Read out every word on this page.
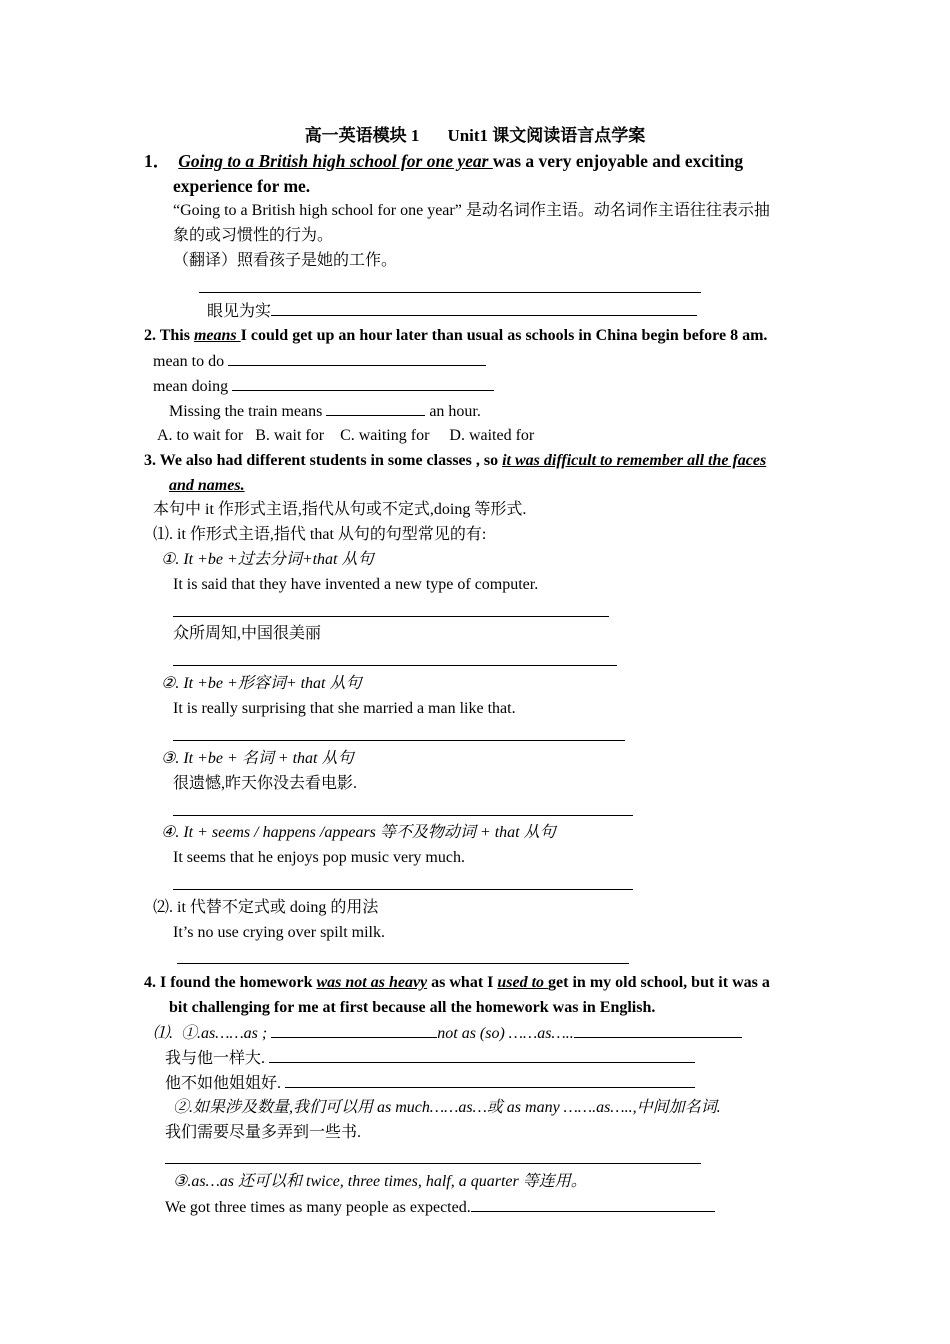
高一英语模块 1 Unit1 课文阅读语言点学案
1． Going to a British high school for one year was a very enjoyable and exciting
experience for me.
“Going to a British high school for one year” 是动名词作主语。动名词作主语往往表示抽
象的或习惯性的行为。
（翻译）照看孩子是她的工作。
眼见为实
2. This means I could get up an hour later than usual as schools in China begin before 8 am.
mean to do
mean doing
Missing the train means	an hour.
A. to wait for   B. wait for    C. waiting for     D. waited for
3. We also had different students in some classes , so it was difficult to remember all the faces
and names.
本句中 it 作形式主语,指代从句或不定式,doing 等形式.
⑴. it 作形式主语,指代 that 从句的句型常见的有:
①. It +be +过去分词+that 从句
It is said that they have invented a new type of computer.
众所周知,中国很美丽
②. It +be +形容词+ that 从句
It is really surprising that she married a man like that.
③. It +be + 名词 + that 从句
很遗憾,昨天你没去看电影.
④. It + seems / happens /appears 等不及物动词 + that 从句
It seems that he enjoys pop music very much.
⑵. it 代替不定式或 doing 的用法
It’s no use crying over spilt milk.
4. I found the homework was not as heavy as what I used to get in my old school, but it was a
bit challenging for me at first because all the homework was in English.
⑴.  ①.as……as ;	not as (so) ……as…..
我与他一样大.
他不如他姐姐好.
②.如果涉及数量,我们可以用 as much……as…或 as many …….as…..,中间加名词.
我们需要尽量多弄到一些书.
③.as…as 还可以和 twice, three times, half, a quarter 等连用。
We got three times as many people as expected.
